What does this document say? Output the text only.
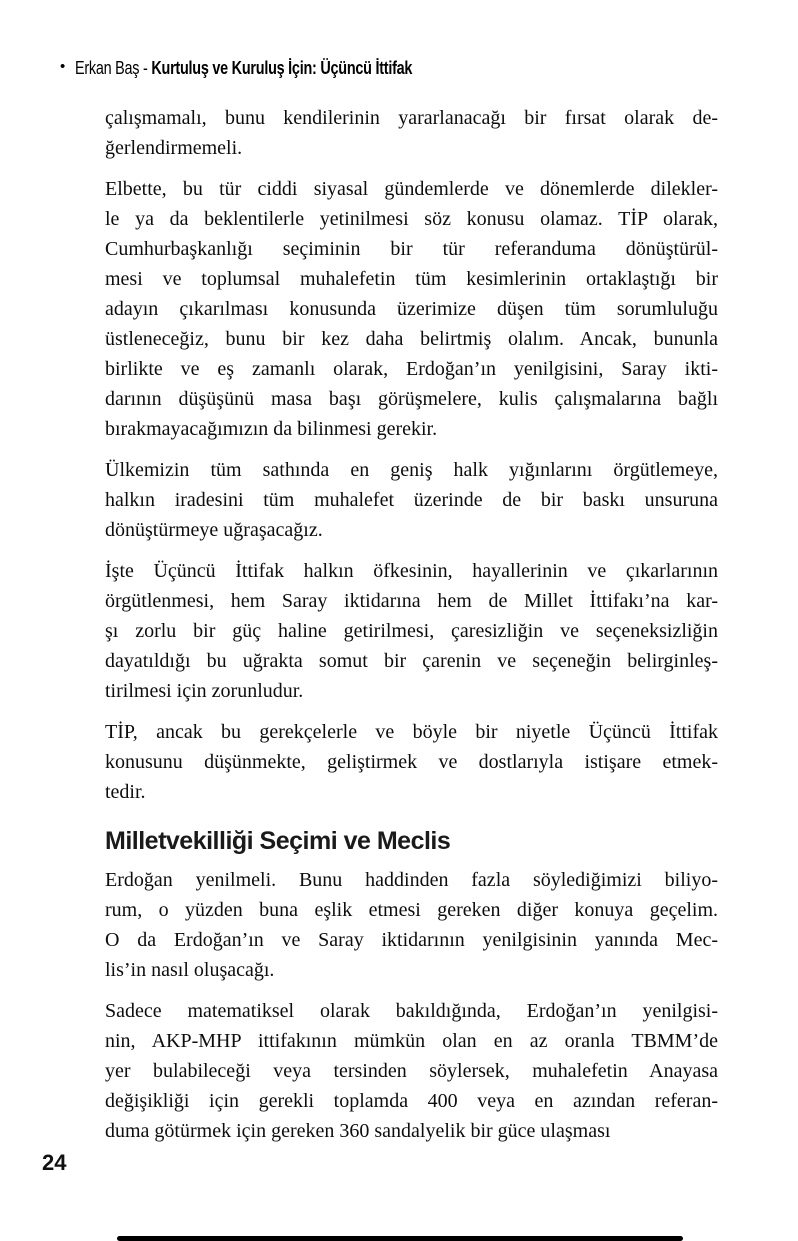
• Erkan Baş - Kurtuluş ve Kuruluş İçin: Üçüncü İttifak
çalışmamalı, bunu kendilerinin yararlanacağı bir fırsat olarak de-
ğerlendirmemeli.
Elbette, bu tür ciddi siyasal gündemlerde ve dönemlerde dilekler-
le ya da beklentilerle yetinilmesi söz konusu olamaz. TİP olarak,
Cumhurbaşkanlığı seçiminin bir tür referanduma dönüştürül-
mesi ve toplumsal muhalefetin tüm kesimlerinin ortaklaştığı bir
adayın çıkarılması konusunda üzerimize düşen tüm sorumluluğu
üstleneceğiz, bunu bir kez daha belirtmiş olalım. Ancak, bununla
birlikte ve eş zamanlı olarak, Erdoğan’ın yenilgisini, Saray ikti-
darının düşüşünü masa başı görüşmelere, kulis çalışmalarına bağlı
bırakmayacağımızın da bilinmesi gerekir.
Ülkemizin tüm sathında en geniş halk yığınlarını örgütlemeye,
halkın iradesini tüm muhalefet üzerinde de bir baskı unsuruna
dönüştürmeye uğraşacağız.
İşte Üçüncü İttifak halkın öfkesinin, hayallerinin ve çıkarlarının
örgütlenmesi, hem Saray iktidarına hem de Millet İttifakı’na kar-
şı zorlu bir güç haline getirilmesi, çaresizliğin ve seçeneksizliğin
dayatıldığı bu uğrakta somut bir çarenin ve seçeneğin belirginleş-
tirilmesi için zorunludur.
TİP, ancak bu gerekçelerle ve böyle bir niyetle Üçüncü İttifak
konusunu düşünmekte, geliştirmek ve dostlarıyla istişare etmek-
tedir.
Milletvekilliği Seçimi ve Meclis
Erdoğan yenilmeli. Bunu haddinden fazla söylediğimizi biliyo-
rum, o yüzden buna eşlik etmesi gereken diğer konuya geçelim.
O da Erdoğan’ın ve Saray iktidarının yenilgisinin yanında Mec-
lis’in nasıl oluşacağı.
Sadece matematiksel olarak bakıldığında, Erdoğan’ın yenilgisi-
nin, AKP-MHP ittifakının mümkün olan en az oranla TBMM’de
yer bulabileceği veya tersinden söylersek, muhalefetin Anayasa
değişikliği için gerekli toplamda 400 veya en azından referan-
duma götürmek için gereken 360 sandalyelik bir güce ulaşması
24
